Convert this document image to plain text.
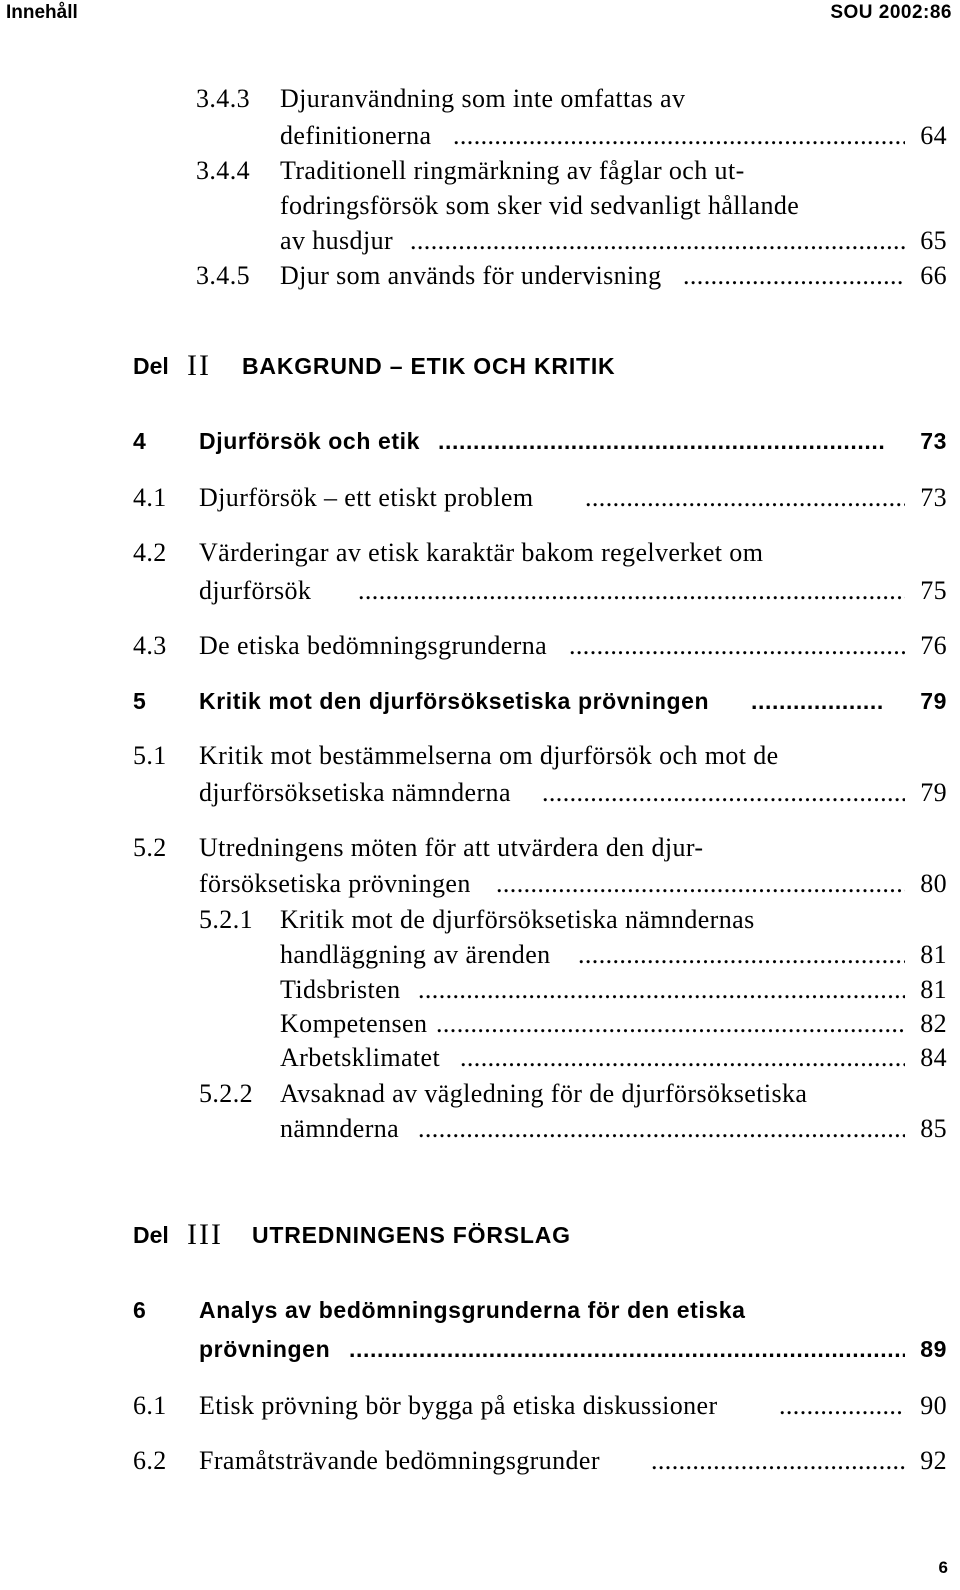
Innehåll	SOU 2002:86
3.4.3 Djuranvändning som inte omfattas av
definitionerna .....	64
3.4.4 Traditionell ringmärkning av fåglar och ut-
fodringsförsök som sker vid sedvanligt hållande
av husdjur .....	65
3.4.5 Djur som används för undervisning .....	66
Del II BAKGRUND – ETIK OCH KRITIK
4 Djurförsök och etik .....	73
4.1 Djurförsök – ett etiskt problem .....	73
4.2 Värderingar av etisk karaktär bakom regelverket om
djurförsök .....	75
4.3 De etiska bedömningsgrunderna .....	76
5 Kritik mot den djurförsöksetiska prövningen .....	79
5.1 Kritik mot bestämmelserna om djurförsök och mot de
djurförsöksetiska nämnderna .....	79
5.2 Utredningens möten för att utvärdera den djur-
försöksetiska prövningen .....	80
5.2.1 Kritik mot de djurförsöksetiska nämndernas
handläggning av ärenden .....	81
Tidsbristen .....	81
Kompetensen .....	82
Arbetsklimatet .....	84
5.2.2 Avsaknad av vägledning för de djurförsöksetiska
nämnderna .....	85
Del III UTREDNINGENS FÖRSLAG
6 Analys av bedömningsgrunderna för den etiska
prövningen .....	89
6.1 Etisk prövning bör bygga på etiska diskussioner .....	90
6.2 Framåtsträvande bedömningsgrunder .....	92
6
